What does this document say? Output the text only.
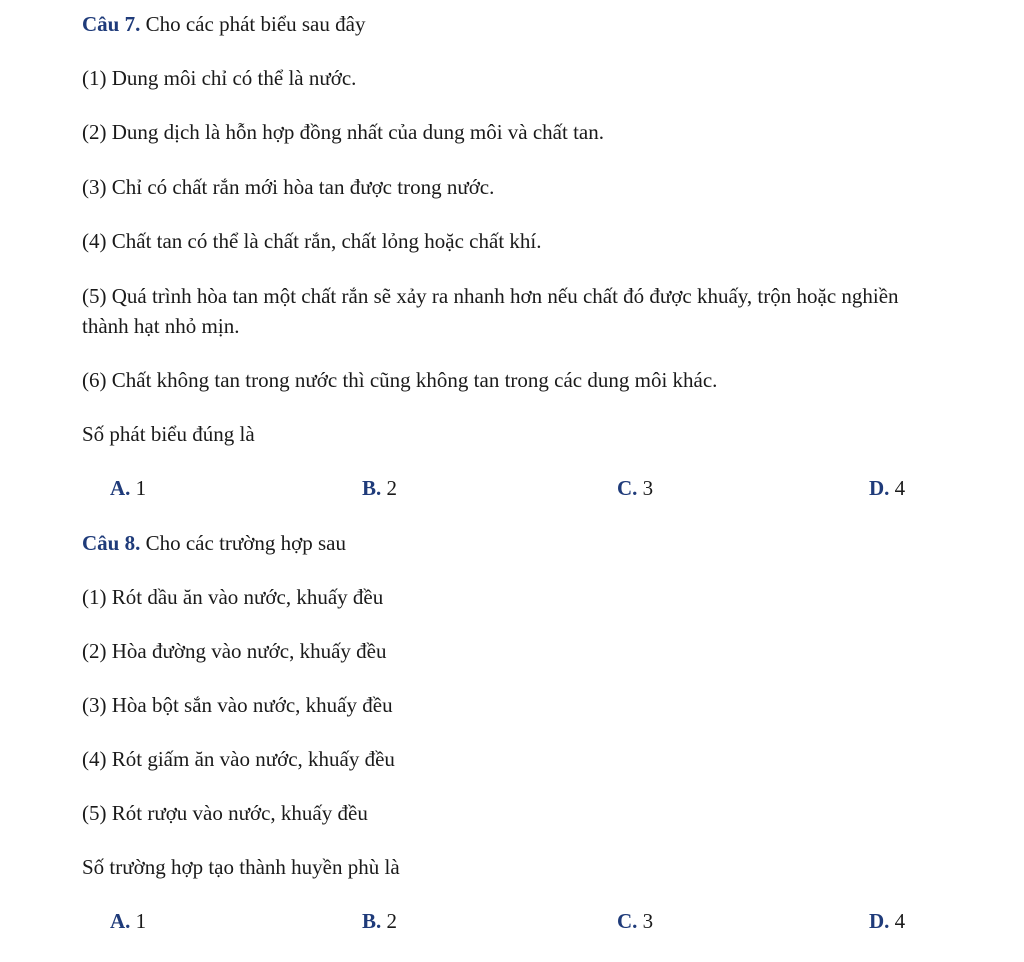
Câu 7. Cho các phát biểu sau đây
(1) Dung môi chỉ có thể là nước.
(2) Dung dịch là hỗn hợp đồng nhất của dung môi và chất tan.
(3) Chỉ có chất rắn mới hòa tan được trong nước.
(4) Chất tan có thể là chất rắn, chất lỏng hoặc chất khí.
(5) Quá trình hòa tan một chất rắn sẽ xảy ra nhanh hơn nếu chất đó được khuấy, trộn hoặc nghiền
thành hạt nhỏ mịn.
(6) Chất không tan trong nước thì cũng không tan trong các dung môi khác.
Số phát biểu đúng là
A. 1	B. 2	C. 3	D. 4
Câu 8. Cho các trường hợp sau
(1) Rót dầu ăn vào nước, khuấy đều
(2) Hòa đường vào nước, khuấy đều
(3) Hòa bột sắn vào nước, khuấy đều
(4) Rót giấm ăn vào nước, khuấy đều
(5) Rót rượu vào nước, khuấy đều
Số trường hợp tạo thành huyền phù là
A. 1	B. 2	C. 3	D. 4
